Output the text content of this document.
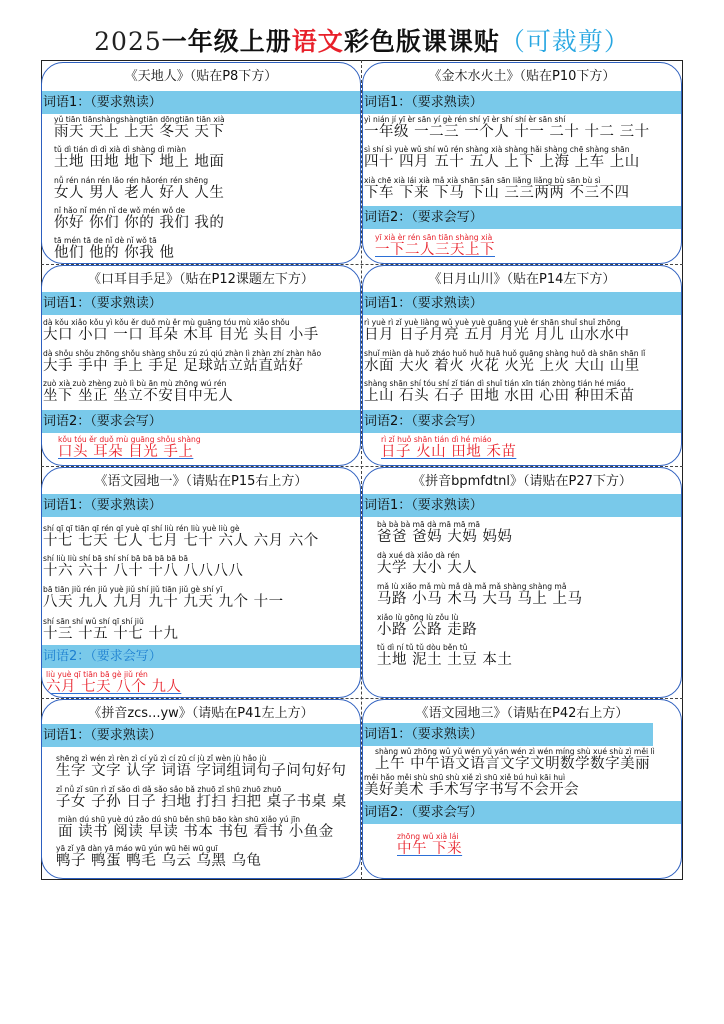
2025一年级上册语文彩色版课课贴（可裁剪）
《天地人》（贴在P8下方）
词语1：（要求熟读）
yǔ tiān tiānshàngshàngtiān dōngtiān tiān xià
雨天 天上 上天 冬天 天下
tǔ dì tián dì dì xià dì shàng dì miàn
土地 田地 地下 地上 地面
nǚ rén nán rén lǎo rén hǎorén rén shēng
女人 男人 老人 好人 人生
nǐ hǎo nǐ mén nǐ de wǒ mén wǒ de
你好 你们 你的 我们 我的
tā mén tā de nǐ dè nǐ wǒ tā
他们 他的 你我 他
《金木水火土》（贴在P10下方）
词语1：（要求熟读）
yì nián jí yī èr sān yí gè rén shí yī èr shí shí èr sān shí
一年级 一二三 一个人 十一 二十 十二 三十
sì shí sì yuè wǔ shí wǔ rén shàng xià shàng hǎi shàng chē shàng shān
四十 四月 五十 五人 上下 上海 上车 上山
xià chē xià lái xià mǎ xià shān sān sān liǎng liǎng bù sān bù sì
下车 下来 下马 下山 三三两两 不三不四
词语2：（要求会写）
yī xià èr rén sān tiān shàng xià
一下二人三天上下
《口耳目手足》（贴在P12课题左下方）
词语1：（要求熟读）
dà kǒu xiǎo kǒu yì kǒu ěr duǒ mù ěr mù guāng tóu mù xiǎo shǒu
大口 小口 一口 耳朵 木耳 目光 头目 小手
dà shǒu shǒu zhōng shǒu shàng shǒu zú zú qiú zhàn lì zhàn zhí zhàn hǎo
大手 手中 手上 手足 足球站立站直站好
zuò xià zuò zhèng zuò lì bù ān mù zhōng wú rén
坐下 坐正 坐立不安目中无人
词语2：（要求会写）
kǒu tóu ěr duǒ mù guāng shǒu shàng
口头 耳朵 目光 手上
《日月山川》（贴在P14左下方）
词语1：（要求熟读）
rì yuè rì zǐ yuè liàng wǔ yuè yuè guāng yuè ér shān shuǐ shuǐ zhōng
日月 日子月亮 五月 月光 月儿 山水水中
shuǐ miàn dà huǒ zháo huǒ huǒ huā huǒ guāng shàng huǒ dà shān shān lǐ
水面 大火 着火 火花 火光 上火 大山 山里
shàng shān shí tóu shí zǐ tián dì shuǐ tián xīn tián zhòng tián hé miáo
上山 石头 石子 田地 水田 心田 种田禾苗
词语2：（要求会写）
rì zǐ huǒ shān tián dì hé miáo
日子 火山 田地 禾苗
《语文园地一》（请贴在P15右上方）
词语1：（要求熟读）
shí qī qī tiān qī rén qī yuè qī shí liù rén liù yuè liù gè
十七 七天 七人 七月 七十 六人 六月 六个
shí liù liù shí bā shí shí bā bā bā bā bā
十六 六十 八十 十八 八八八八
bā tiān jiǔ rén jiǔ yuè jiǔ shí jiǔ tiān jiǔ gè shí yī
八天 九人 九月 九十 九天 九个 十一
shí sān shí wǔ shí qī shí jiǔ
十三 十五 十七 十九
词语2：（要求会写）
liù yuè qī tiān bā gè jiǔ rén
六月 七天 八个 九人
《拼音bpmfdtnl》（请贴在P27下方）
词语1：（要求熟读）
bà bà bà mā dà mā mā mā
爸爸 爸妈 大妈 妈妈
dà xué dà xiǎo dà rén
大学 大小 大人
mǎ lù xiǎo mǎ mù mǎ dà mǎ mǎ shàng shàng mǎ
马路 小马 木马 大马 马上 上马
xiǎo lù gōng lù zǒu lù
小路 公路 走路
tǔ dì ní tǔ tǔ dòu běn tǔ
土地 泥土 土豆 本土
《拼音zcs...yw》（请贴在P41左上方）
词语1：（要求熟读）
shēng zì wén zì rèn zì cí yǔ zì cí zǔ cí jù zǐ wèn jù hǎo jù
生字 文字 认字 词语 字词组词句子问句好句
zǐ nǚ zǐ sūn rì zǐ sǎo dì dǎ sǎo sǎo bǎ zhuō zǐ shū zhuō zhuō
子女 子孙 日子 扫地 打扫 扫把 桌子书桌 桌
miàn dú shū yuè dú zǎo dú shū běn shū bāo kàn shū xiǎo yú jīn
面 读书 阅读 早读 书本 书包 看书 小鱼金
yā zǐ yā dàn yā máo wū yún wū hēi wū guī
鸭子 鸭蛋 鸭毛 乌云 乌黑 乌龟
《语文园地三》（请贴在P42右上方）
词语1：（要求熟读）
shàng wǔ zhōng wǔ yǔ wén yǔ yán wén zì wén míng shù xué shù zì měi lì
上午 中午语文语言文字文明数学数字美丽
měi hǎo měi shù shū shù xiě zì shū xiě bú huì kāi huì
美好美术 手术写字书写不会开会
词语2：（要求会写）
zhōng wǔ xià lái
中午 下来
